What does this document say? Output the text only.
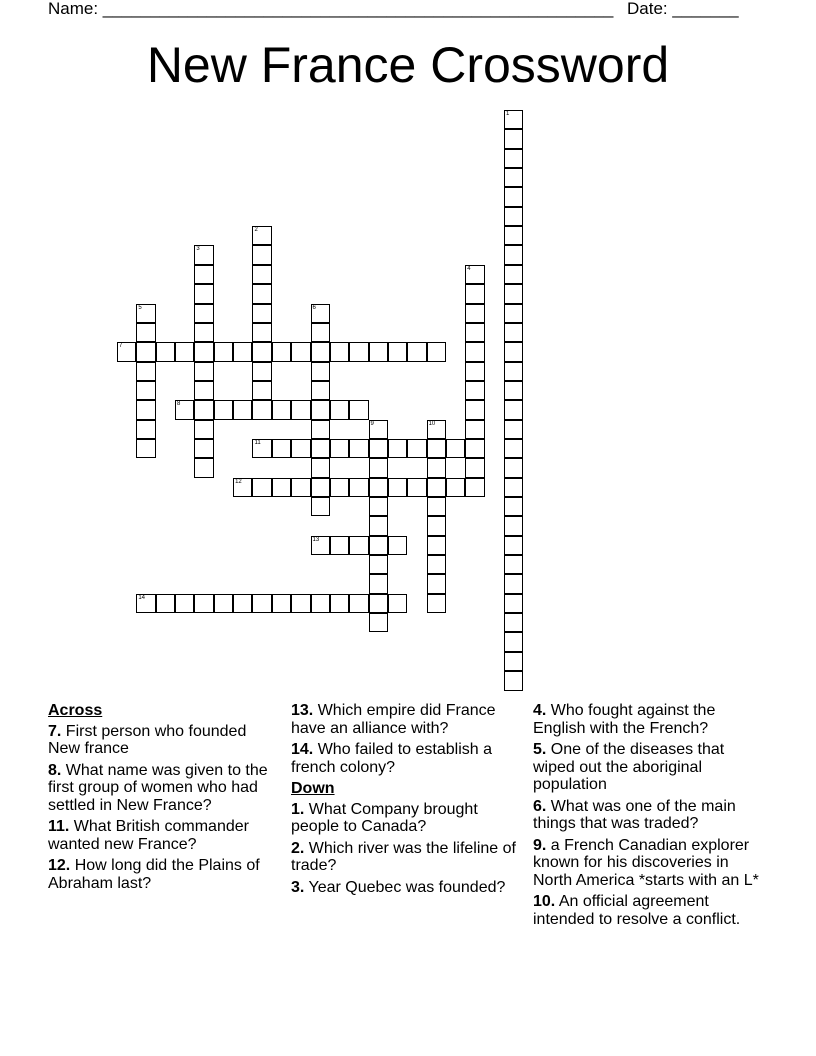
Name: ______________________________________________________ Date: _______
New France Crossword
1
2
3
4
5	6
7
8
9	10
11
12
13
14
Across
7. First person who founded New france
8. What name was given to the first group of women who had settled in New France?
11. What British commander wanted new France?
12. How long did the Plains of Abraham last?
13. Which empire did France have an alliance with?
14. Who failed to establish a french colony?
Down
1. What Company brought people to Canada?
2. Which river was the lifeline of trade?
3. Year Quebec was founded?
4. Who fought against the English with the French?
5. One of the diseases that wiped out the aboriginal population
6. What was one of the main things that was traded?
9. a French Canadian explorer known for his discoveries in North America *starts with an L*
10. An official agreement intended to resolve a conflict.
